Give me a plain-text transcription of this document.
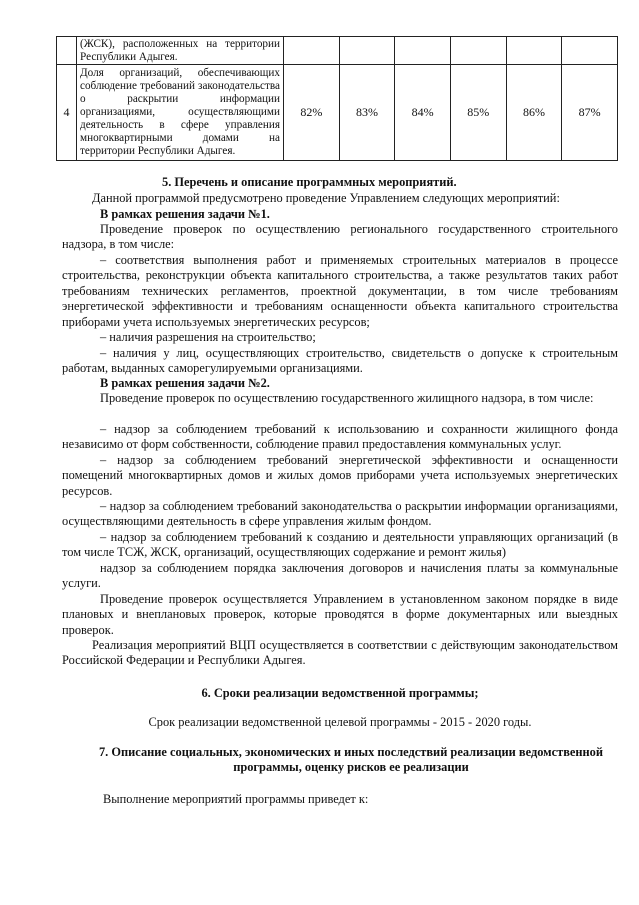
	(ЖСК), расположенных на территории Республики Адыгея.						
4	Доля организаций, обеспечивающих соблюдение требований законодательства о раскрытии информации организациями, осуществляющими деятельность в сфере управления многоквартирными домами на территории Республики Адыгея.	82%	83%	84%	85%	86%	87%

5. Перечень и описание программных мероприятий.

Данной программой предусмотрено проведение Управлением следующих мероприятий:

В рамках решения задачи №1.

Проведение проверок по осуществлению регионального государственного строительного надзора, в том числе:

– соответствия выполнения работ и применяемых строительных материалов в процессе строительства, реконструкции объекта капитального строительства, а также результатов таких работ требованиям технических регламентов, проектной документации, в том числе требованиям энергетической эффективности и требованиям оснащенности объекта капитального строительства приборами учета используемых энергетических ресурсов;

– наличия разрешения на строительство;

– наличия у лиц, осуществляющих строительство, свидетельств о допуске к строительным работам, выданных саморегулируемыми организациями.

В рамках решения задачи №2.

Проведение проверок по осуществлению государственного жилищного надзора, в том числе:

– надзор за соблюдением требований к использованию и сохранности жилищного фонда независимо от форм собственности, соблюдение правил предоставления коммунальных услуг.

– надзор за соблюдением требований энергетической эффективности и оснащенности помещений многоквартирных домов и жилых домов приборами учета используемых энергетических ресурсов.

– надзор за соблюдением требований законодательства о раскрытии информации организациями, осуществляющими деятельность в сфере управления жилым фондом.

– надзор за соблюдением требований к созданию и деятельности управляющих организаций (в том числе ТСЖ, ЖСК, организаций, осуществляющих содержание и ремонт жилья)

надзор за соблюдением порядка заключения договоров и начисления платы за коммунальные услуги.

Проведение проверок осуществляется Управлением в установленном законом порядке в виде плановых и внеплановых проверок, которые проводятся в форме документарных или выездных проверок.

Реализация мероприятий ВЦП осуществляется в соответствии с действующим законодательством Российской Федерации и Республики Адыгея.

6. Сроки реализации ведомственной программы;

Срок реализации ведомственной целевой программы - 2015 - 2020 годы.

7. Описание социальных, экономических и иных последствий реализации ведомственной программы, оценку рисков ее реализации

Выполнение мероприятий программы приведет к:
